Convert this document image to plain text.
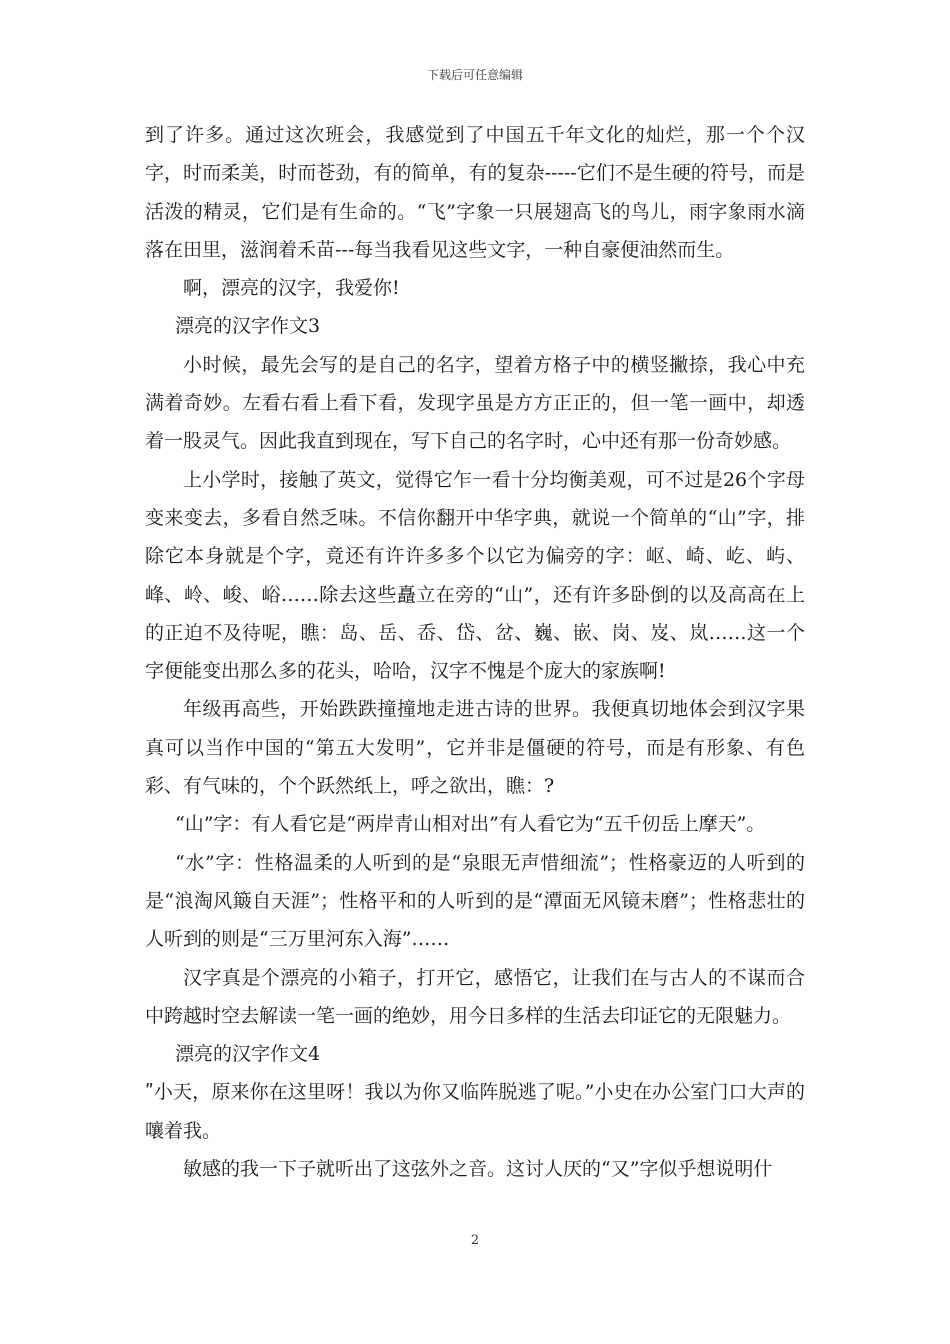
下载后可任意编辑

到了许多。通过这次班会，我感觉到了中国五千年文化的灿烂，那一个个汉字，时而柔美，时而苍劲，有的简单，有的复杂-----它们不是生硬的符号，而是活泼的精灵，它们是有生命的。“飞”字象一只展翅高飞的鸟儿，雨字象雨水滴落在田里，滋润着禾苗---每当我看见这些文字，一种自豪便油然而生。

啊，漂亮的汉字，我爱你!

漂亮的汉字作文3

小时候，最先会写的是自己的名字，望着方格子中的横竖撇捺，我心中充满着奇妙。左看右看上看下看，发现字虽是方方正正的，但一笔一画中，却透着一股灵气。因此我直到现在，写下自己的名字时，心中还有那一份奇妙感。

上小学时，接触了英文，觉得它乍一看十分均衡美观，可不过是26个字母变来变去，多看自然乏味。不信你翻开中华字典，就说一个简单的“山”字，排除它本身就是个字，竟还有许许多多个以它为偏旁的字：岖、崎、屹、屿、峰、岭、峻、峪……除去这些矗立在旁的“山”，还有许多卧倒的以及高高在上的正迫不及待呢，瞧：岛、岳、岙、岱、岔、巍、嵌、岗、岌、岚……这一个字便能变出那么多的花头，哈哈，汉字不愧是个庞大的家族啊!

年级再高些，开始跌跌撞撞地走进古诗的世界。我便真切地体会到汉字果真可以当作中国的“第五大发明”，它并非是僵硬的符号，而是有形象、有色彩、有气味的，个个跃然纸上，呼之欲出，瞧：?

“山”字：有人看它是“两岸青山相对出”有人看它为“五千仞岳上摩天”。

“水”字：性格温柔的人听到的是“泉眼无声惜细流”；性格豪迈的人听到的是“浪淘风簸自天涯”；性格平和的人听到的是“潭面无风镜未磨”；性格悲壮的人听到的则是“三万里河东入海”……

汉字真是个漂亮的小箱子，打开它，感悟它，让我们在与古人的不谋而合中跨越时空去解读一笔一画的绝妙，用今日多样的生活去印证它的无限魅力。

漂亮的汉字作文4

ʺ小天，原来你在这里呀！我以为你又临阵脱逃了呢。”小史在办公室门口大声的嚷着我。

敏感的我一下子就听出了这弦外之音。这讨人厌的“又”字似乎想说明什

2
